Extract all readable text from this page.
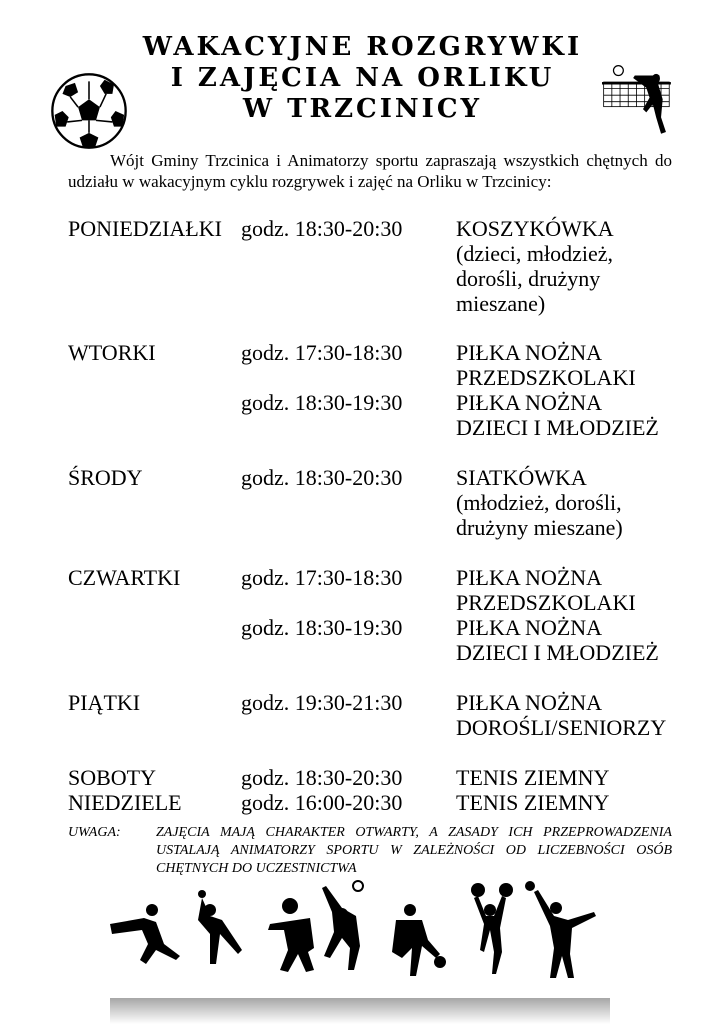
WAKACYJNE ROZGRYWKI
I ZAJĘCIA NA ORLIKU
W TRZCINICY
Wójt Gminy Trzcinica i Animatorzy sportu zapraszają wszystkich chętnych do udziału w wakacyjnym cyklu rozgrywek i zajęć na Orliku w Trzcinicy:
PONIEDZIAŁKI godz. 18:30-20:30	KOSZYKÓWKA
(dzieci, młodzież,
dorośli, drużyny
mieszane)
WTORKI	godz. 17:30-18:30	PIŁKA NOŻNA
PRZEDSZKOLAKI
godz. 18:30-19:30	PIŁKA NOŻNA
DZIECI I MŁODZIEŻ
ŚRODY	godz. 18:30-20:30	SIATKÓWKA
(młodzież, dorośli,
drużyny mieszane)
CZWARTKI	godz. 17:30-18:30	PIŁKA NOŻNA
PRZEDSZKOLAKI
godz. 18:30-19:30	PIŁKA NOŻNA
DZIECI I MŁODZIEŻ
PIĄTKI	godz. 19:30-21:30	PIŁKA NOŻNA
DOROŚLI/SENIORZY
SOBOTY	godz. 18:30-20:30	TENIS ZIEMNY
NIEDZIELE	godz. 16:00-20:30	TENIS ZIEMNY
UWAGA:	ZAJĘCIA MAJĄ CHARAKTER OTWARTY, A ZASADY ICH PRZEPROWADZENIA USTALAJĄ ANIMATORZY SPORTU W ZALEŻNOŚCI OD LICZEBNOŚCI OSÓB CHĘTNYCH DO UCZESTNICTWA
